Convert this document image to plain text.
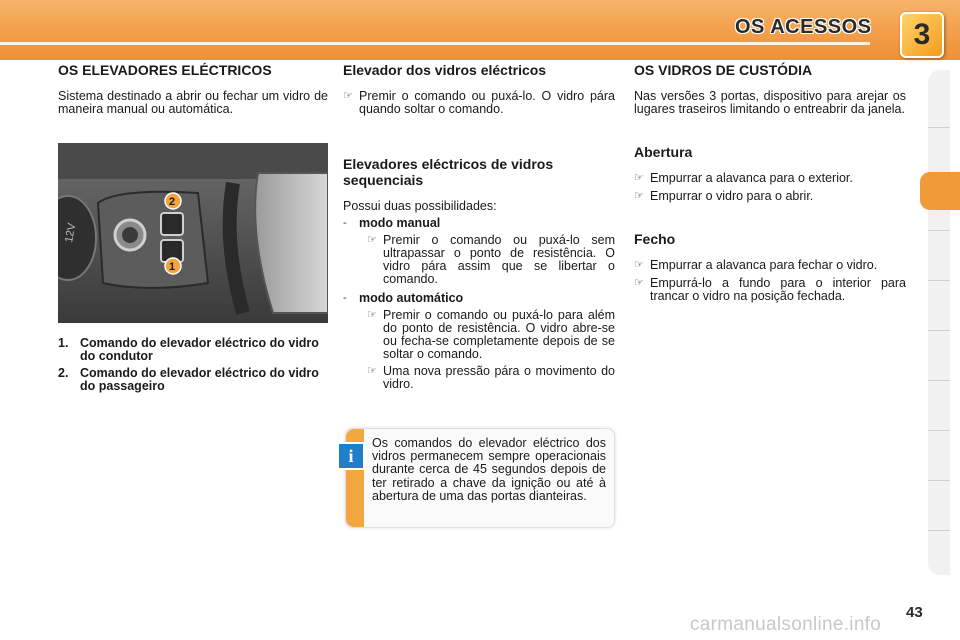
OS ACESSOS	3
OS ELEVADORES ELÉCTRICOS

Sistema destinado a abrir ou fechar um vidro de maneira manual ou automática.

12V
2
1
1. Comando do elevador eléctrico do vidro do condutor
2. Comando do elevador eléctrico do vidro do passageiro
Elevador dos vidros eléctricos
☞ Premir o comando ou puxá-lo. O vidro pára quando soltar o comando.
Elevadores eléctricos de vidros sequenciais

Possui duas possibilidades:

- modo manual
☞ Premir o comando ou puxá-lo sem ultrapassar o ponto de resistência. O vidro pára assim que se libertar o comando.
- modo automático
☞ Premir o comando ou puxá-lo para além do ponto de resistência. O vidro abre-se ou fecha-se completamente depois de se soltar o comando.
☞ Uma nova pressão pára o movimento do vidro.
i
Os comandos do elevador eléctrico dos vidros permanecem sempre operacionais durante cerca de 45 segundos depois de ter retirado a chave da ignição ou até à abertura de uma das portas dianteiras.
OS VIDROS DE CUSTÓDIA

Nas versões 3 portas, dispositivo para arejar os lugares traseiros limitando o entreabrir da janela.

Abertura
☞ Empurrar a alavanca para o exterior.
☞ Empurrar o vidro para o abrir.
Fecho
☞ Empurrar a alavanca para fechar o vidro.
☞ Empurrá-lo a fundo para o interior para trancar o vidro na posição fechada.
carmanualsonline.info
43
